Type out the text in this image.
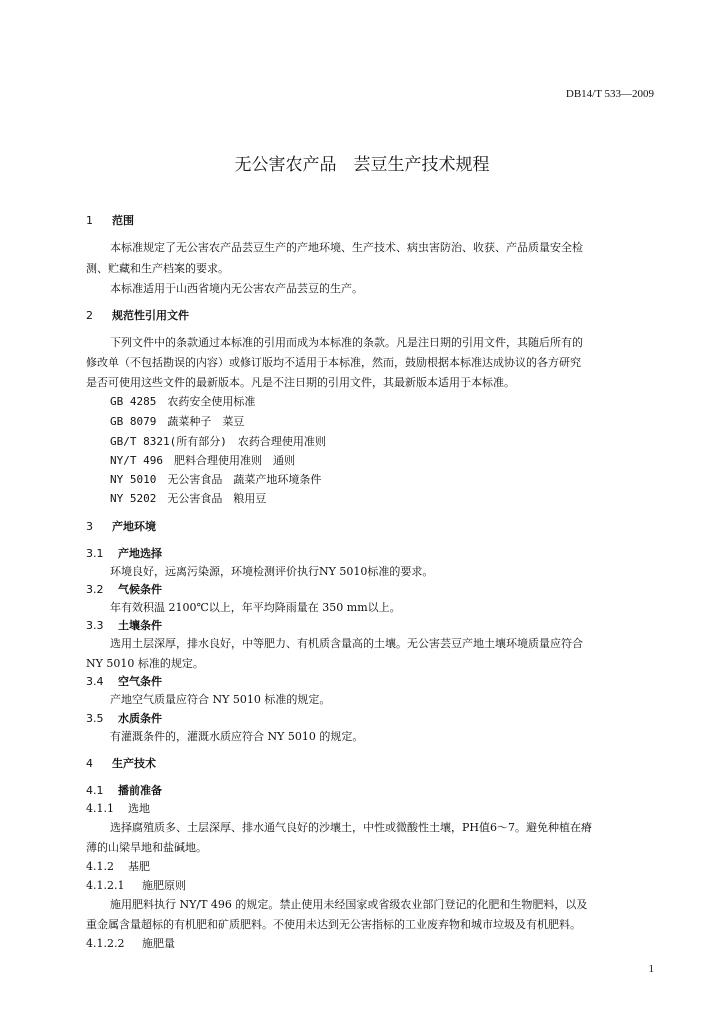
DB14/T 533—2009
无公害农产品　芸豆生产技术规程
1 范围
本标准规定了无公害农产品芸豆生产的产地环境、生产技术、病虫害防治、收获、产品质量安全检
测、贮藏和生产档案的要求。
本标准适用于山西省境内无公害农产品芸豆的生产。
2 规范性引用文件
下列文件中的条款通过本标准的引用而成为本标准的条款。凡是注日期的引用文件，其随后所有的
修改单（不包括勘误的内容）或修订版均不适用于本标准，然而，鼓励根据本标准达成协议的各方研究
是否可使用这些文件的最新版本。凡是不注日期的引用文件，其最新版本适用于本标准。
GB 4285　农药安全使用标准
GB 8079　蔬菜种子　菜豆
GB/T 8321(所有部分)　农药合理使用准则
NY/T 496　肥料合理使用准则　通则
NY 5010　无公害食品　蔬菜产地环境条件
NY 5202　无公害食品　粮用豆
3 产地环境
3.1 产地选择
环境良好，远离污染源，环境检测评价执行NY 5010标准的要求。
3.2 气候条件
年有效积温 2100℃以上，年平均降雨量在 350 mm以上。
3.3 土壤条件
选用土层深厚，排水良好，中等肥力、有机质含量高的土壤。无公害芸豆产地土壤环境质量应符合
NY 5010 标准的规定。
3.4 空气条件
产地空气质量应符合 NY 5010 标准的规定。
3.5 水质条件
有灌溉条件的，灌溉水质应符合 NY 5010 的规定。
4 生产技术
4.1 播前准备
4.1.1 选地
选择腐殖质多、土层深厚、排水通气良好的沙壤土，中性或微酸性土壤，PH值6～7。避免种植在瘠
薄的山梁旱地和盐碱地。
4.1.2 基肥
4.1.2.1 施肥原则
施用肥料执行 NY/T 496 的规定。禁止使用未经国家或省级农业部门登记的化肥和生物肥料，以及
重金属含量超标的有机肥和矿质肥料。不使用未达到无公害指标的工业废弃物和城市垃圾及有机肥料。
4.1.2.2 施肥量
1
